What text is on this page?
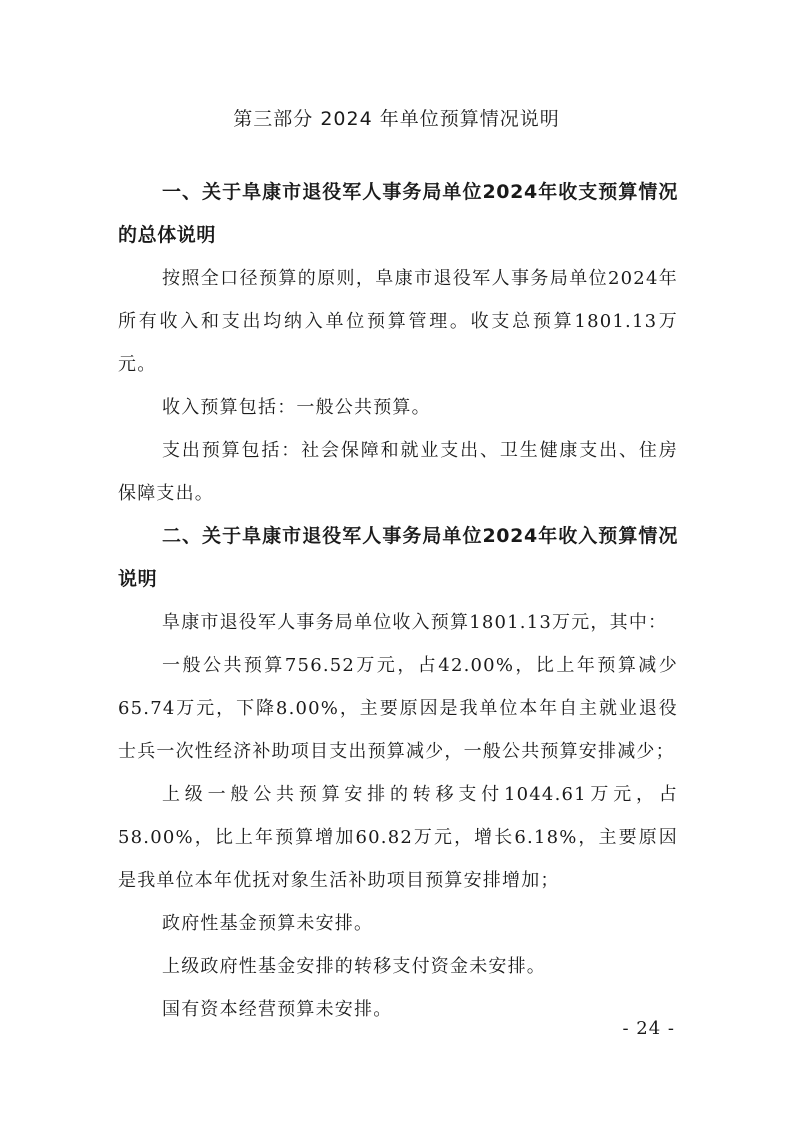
第三部分 2024 年单位预算情况说明

一、关于阜康市退役军人事务局单位2024年收支预算情况的总体说明

按照全口径预算的原则，阜康市退役军人事务局单位2024年所有收入和支出均纳入单位预算管理。收支总预算1801.13万元。

收入预算包括：一般公共预算。

支出预算包括：社会保障和就业支出、卫生健康支出、住房保障支出。

二、关于阜康市退役军人事务局单位2024年收入预算情况说明

阜康市退役军人事务局单位收入预算1801.13万元，其中：

一般公共预算756.52万元，占42.00%，比上年预算减少65.74万元，下降8.00%，主要原因是我单位本年自主就业退役士兵一次性经济补助项目支出预算减少，一般公共预算安排减少；

上级一般公共预算安排的转移支付1044.61万元，占58.00%，比上年预算增加60.82万元，增长6.18%，主要原因是我单位本年优抚对象生活补助项目预算安排增加；

政府性基金预算未安排。

上级政府性基金安排的转移支付资金未安排。

国有资本经营预算未安排。

- 24 -
